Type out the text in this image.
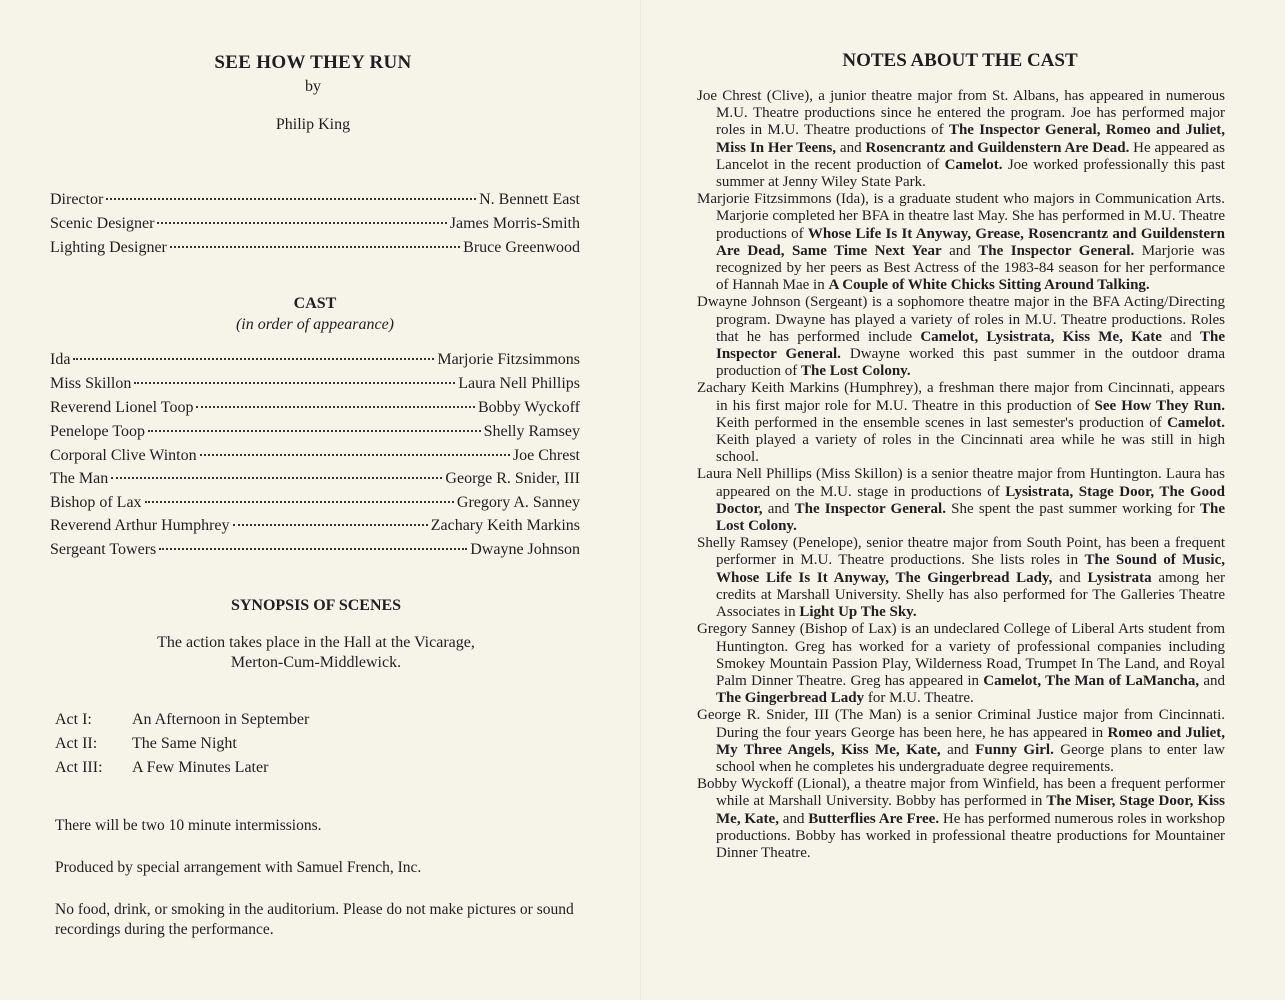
SEE HOW THEY RUN
by
Philip King
Director	N. Bennett East
Scenic Designer	James Morris-Smith
Lighting Designer	Bruce Greenwood
CAST
(in order of appearance)
Ida	Marjorie Fitzsimmons
Miss Skillon	Laura Nell Phillips
Reverend Lionel Toop	Bobby Wyckoff
Penelope Toop	Shelly Ramsey
Corporal Clive Winton	Joe Chrest
The Man	George R. Snider, III
Bishop of Lax	Gregory A. Sanney
Reverend Arthur Humphrey	Zachary Keith Markins
Sergeant Towers	Dwayne Johnson
SYNOPSIS OF SCENES
The action takes place in the Hall at the Vicarage,
Merton-Cum-Middlewick.
Act I:	An Afternoon in September
Act II:	The Same Night
Act III:	A Few Minutes Later
There will be two 10 minute intermissions.
Produced by special arrangement with Samuel French, Inc.
No food, drink, or smoking in the auditorium. Please do not make pictures or sound recordings during the performance.
NOTES ABOUT THE CAST

Joe Chrest (Clive), a junior theatre major from St. Albans, has appeared in numerous M.U. Theatre productions since he entered the program. Joe has performed major roles in M.U. Theatre productions of The Inspector General, Romeo and Juliet, Miss In Her Teens, and Rosencrantz and Guildenstern Are Dead. He appeared as Lancelot in the recent production of Camelot. Joe worked professionally this past summer at Jenny Wiley State Park.

Marjorie Fitzsimmons (Ida), is a graduate student who majors in Communication Arts. Marjorie completed her BFA in theatre last May. She has performed in M.U. Theatre productions of Whose Life Is It Anyway, Grease, Rosencrantz and Guildenstern Are Dead, Same Time Next Year and The Inspector General. Marjorie was recognized by her peers as Best Actress of the 1983-84 season for her performance of Hannah Mae in A Couple of White Chicks Sitting Around Talking.

Dwayne Johnson (Sergeant) is a sophomore theatre major in the BFA Acting/Directing program. Dwayne has played a variety of roles in M.U. Theatre productions. Roles that he has performed include Camelot, Lysistrata, Kiss Me, Kate and The Inspector General. Dwayne worked this past summer in the outdoor drama production of The Lost Colony.

Zachary Keith Markins (Humphrey), a freshman there major from Cincinnati, appears in his first major role for M.U. Theatre in this production of See How They Run. Keith performed in the ensemble scenes in last semester's production of Camelot. Keith played a variety of roles in the Cincinnati area while he was still in high school.

Laura Nell Phillips (Miss Skillon) is a senior theatre major from Huntington. Laura has appeared on the M.U. stage in productions of Lysistrata, Stage Door, The Good Doctor, and The Inspector General. She spent the past summer working for The Lost Colony.

Shelly Ramsey (Penelope), senior theatre major from South Point, has been a frequent performer in M.U. Theatre productions. She lists roles in The Sound of Music, Whose Life Is It Anyway, The Gingerbread Lady, and Lysistrata among her credits at Marshall University. Shelly has also performed for The Galleries Theatre Associates in Light Up The Sky.

Gregory Sanney (Bishop of Lax) is an undeclared College of Liberal Arts student from Huntington. Greg has worked for a variety of professional companies including Smokey Mountain Passion Play, Wilderness Road, Trumpet In The Land, and Royal Palm Dinner Theatre. Greg has appeared in Camelot, The Man of LaMancha, and The Gingerbread Lady for M.U. Theatre.

George R. Snider, III (The Man) is a senior Criminal Justice major from Cincinnati. During the four years George has been here, he has appeared in Romeo and Juliet, My Three Angels, Kiss Me, Kate, and Funny Girl. George plans to enter law school when he completes his undergraduate degree requirements.

Bobby Wyckoff (Lional), a theatre major from Winfield, has been a frequent performer while at Marshall University. Bobby has performed in The Miser, Stage Door, Kiss Me, Kate, and Butterflies Are Free. He has performed numerous roles in workshop productions. Bobby has worked in professional theatre productions for Mountainer Dinner Theatre.
